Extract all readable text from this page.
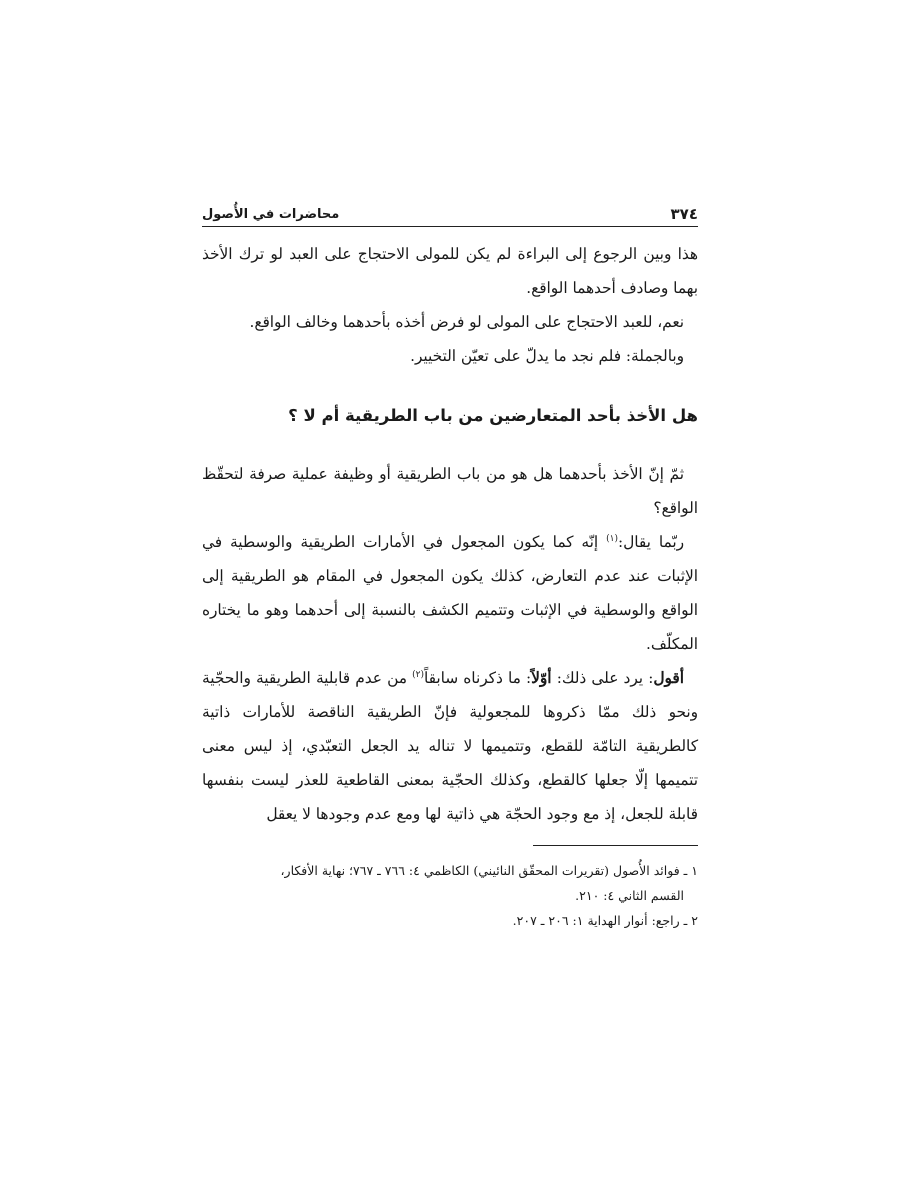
٣٧٤
محاضرات في الأُصول

هذا وبين الرجوع إلى البراءة لم يكن للمولى الاحتجاج على العبد لو ترك الأخذ بهما وصادف أحدهما الواقع.

نعم، للعبد الاحتجاج على المولى لو فرض أخذه بأحدهما وخالف الواقع.

وبالجملة: فلم نجد ما يدلّ على تعيّن التخيير.

هل الأخذ بأحد المتعارضين من باب الطريقية أم لا ؟

ثمّ إنّ الأخذ بأحدهما هل هو من باب الطريقية أو وظيفة عملية صرفة لتحقّظ الواقع؟

ربّما يقال:$^{(١)}$ إنّه كما يكون المجعول في الأمارات الطريقية والوسطية في الإثبات عند عدم التعارض، كذلك يكون المجعول في المقام هو الطريقية إلى الواقع والوسطية في الإثبات وتتميم الكشف بالنسبة إلى أحدهما وهو ما يختاره المكلّف.

أقول: يرد على ذلك: أوّلاً: ما ذكرناه سابقاً$^{(٢)}$ من عدم قابلية الطريقية والحجّية ونحو ذلك ممّا ذكروها للمجعولية فإنّ الطريقية الناقصة للأمارات ذاتية كالطريقية التامّة للقطع، وتتميمها لا تناله يد الجعل التعبّدي، إذ ليس معنى تتميمها إلّا جعلها كالقطع، وكذلك الحجّية بمعنى القاطعية للعذر ليست بنفسها قابلة للجعل، إذ مع وجود الحجّة هي ذاتية لها ومع عدم وجودها لا يعقل

١ ـ فوائد الأُصول (تقريرات المحقّق النائيني) الكاظمي ٤: ٧٦٦ ـ ٧٦٧؛ نهاية الأفكار،

القسم الثاني ٤: ٢١٠.

٢ ـ راجع: أنوار الهداية ١: ٢٠٦ ـ ٢٠٧.
